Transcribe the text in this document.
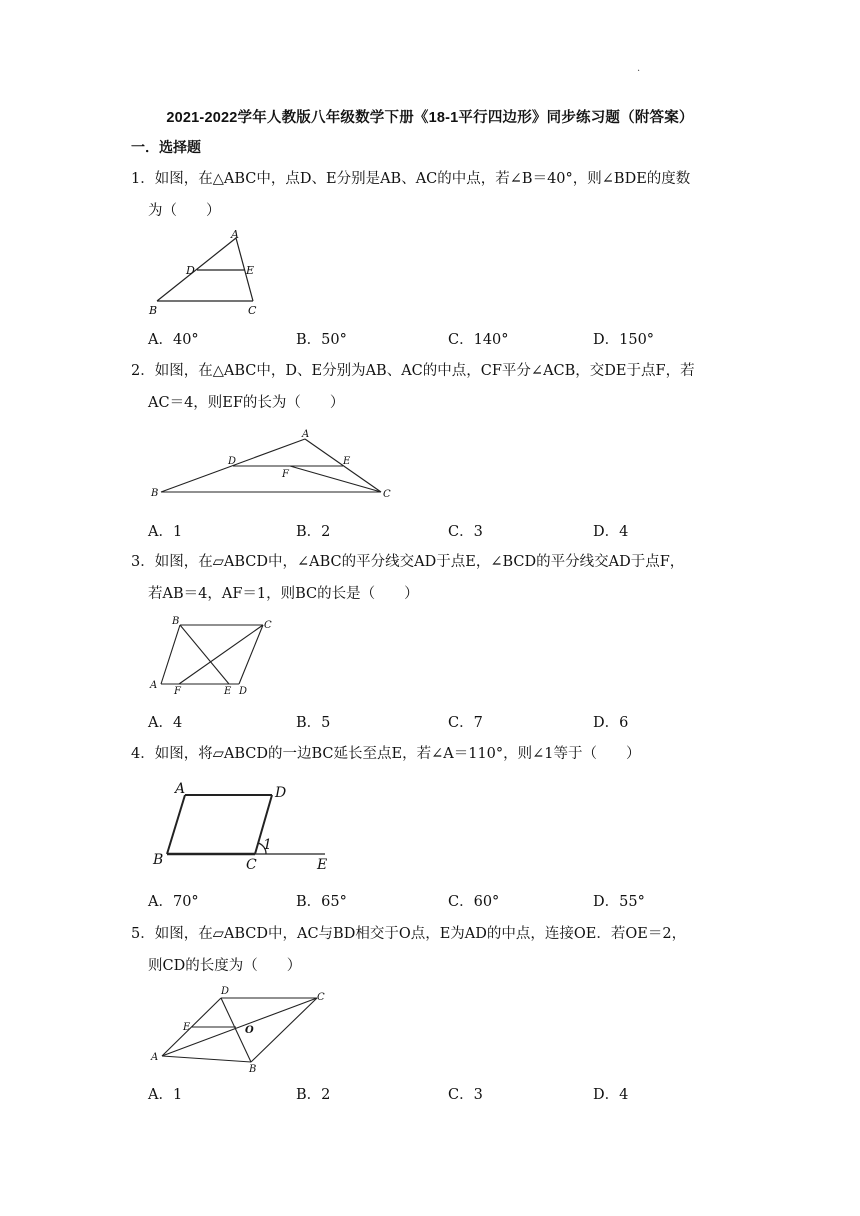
·
2021-2022学年人教版八年级数学下册《18-1平行四边形》同步练习题（附答案）
一．选择题
1．如图，在△ABC中，点D、E分别是AB、AC的中点，若∠B＝40°，则∠BDE的度数
为（　　）
A
D	E
B	C
A．40°	B．50°	C．140°	D．150°
2．如图，在△ABC中，D、E分别为AB、AC的中点，CF平分∠ACB，交DE于点F，若
AC＝4，则EF的长为（　　）
A
D	E
F
B	C
A．1	B．2	C．3	D．4
3．如图，在▱ABCD中，∠ABC的平分线交AD于点E，∠BCD的平分线交AD于点F，
若AB＝4，AF＝1，则BC的长是（　　）
B	C
A
F	E D
A．4	B．5	C．7	D．6
4．如图，将▱ABCD的一边BC延长至点E，若∠A＝110°，则∠1等于（　　）
A	D
1
B	C	E
A．70°	B．65°	C．60°	D．55°
5．如图，在▱ABCD中，AC与BD相交于O点，E为AD的中点，连接OE．若OE＝2，
则CD的长度为（　　）
D
C
E	O
A
B
A．1	B．2	C．3	D．4
